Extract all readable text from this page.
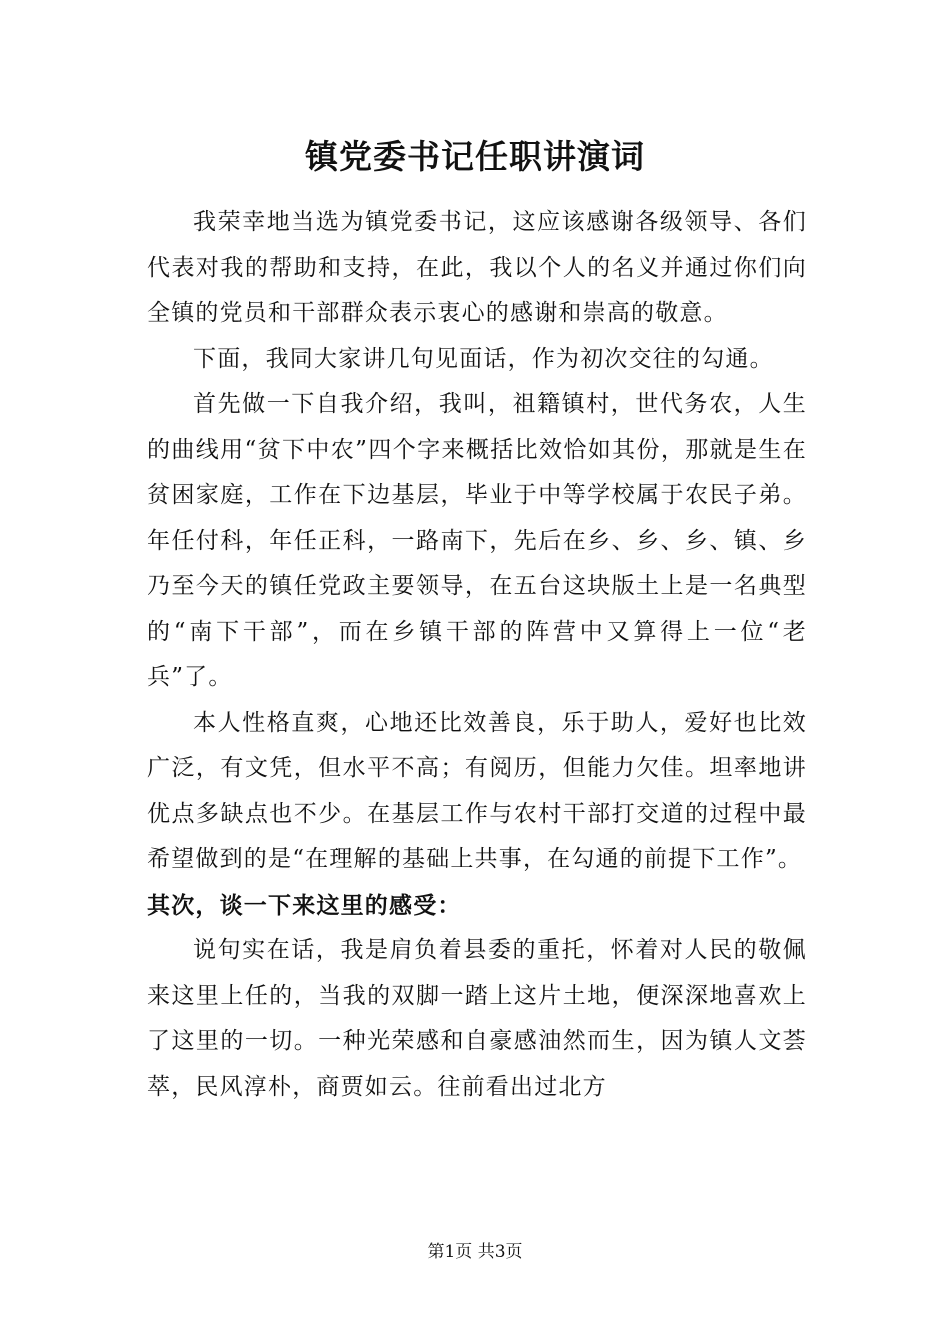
镇党委书记任职讲演词

我荣幸地当选为镇党委书记，这应该感谢各级领导、各们代表对我的帮助和支持，在此，我以个人的名义并通过你们向全镇的党员和干部群众表示衷心的感谢和崇高的敬意。

下面，我同大家讲几句见面话，作为初次交往的勾通。

首先做一下自我介绍，我叫，祖籍镇村，世代务农，人生的曲线用“贫下中农”四个字来概括比效恰如其份，那就是生在贫困家庭，工作在下边基层，毕业于中等学校属于农民子弟。年任付科，年任正科，一路南下，先后在乡、乡、乡、镇、乡乃至今天的镇任党政主要领导，在五台这块版土上是一名典型的“南下干部”，而在乡镇干部的阵营中又算得上一位“老兵”了。

本人性格直爽，心地还比效善良，乐于助人，爱好也比效广泛，有文凭，但水平不高；有阅历，但能力欠佳。坦率地讲优点多缺点也不少。在基层工作与农村干部打交道的过程中最希望做到的是“在理解的基础上共事，在勾通的前提下工作”。

其次，谈一下来这里的感受：

说句实在话，我是肩负着县委的重托，怀着对人民的敬佩来这里上任的，当我的双脚一踏上这片土地，便深深地喜欢上了这里的一切。一种光荣感和自豪感油然而生，因为镇人文荟萃，民风淳朴，商贾如云。往前看出过北方

第1页 共3页
